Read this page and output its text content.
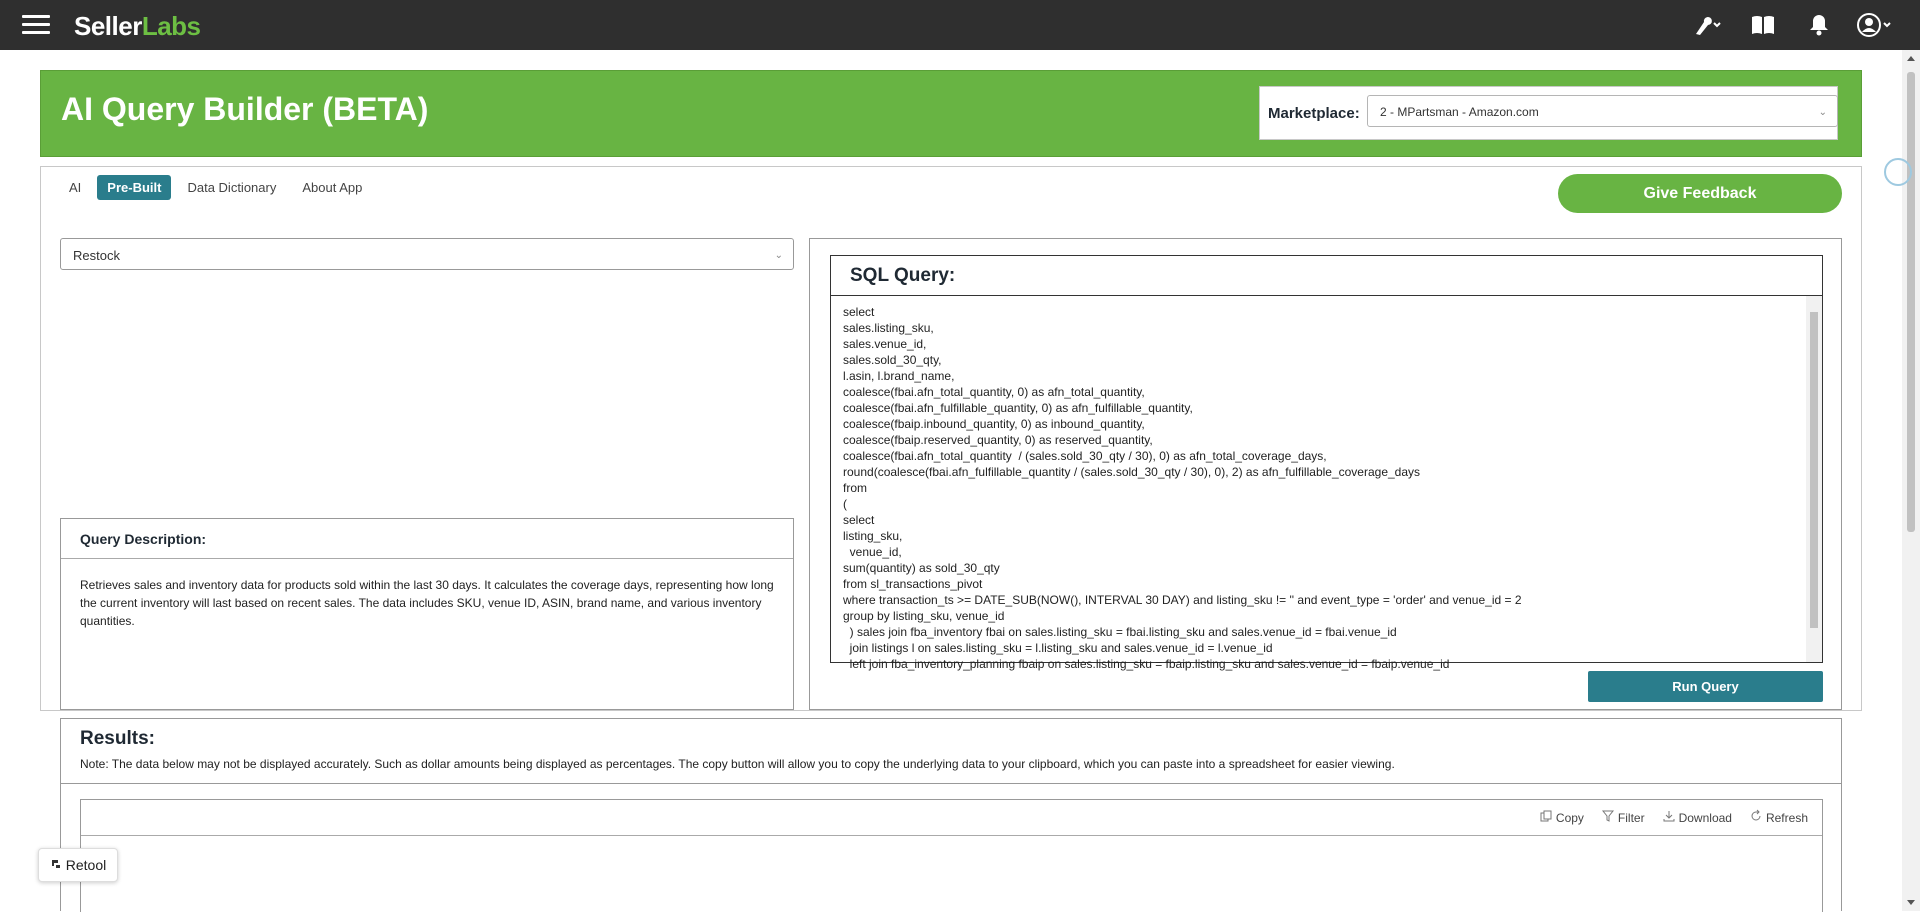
SellerLabs
AI Query Builder (BETA)	Marketplace:	2 - MPartsman - Amazon.com	⌄
AI	Pre-Built	Data Dictionary	About App	Give Feedback
Restock	⌄
Query Description:
Retrieves sales and inventory data for products sold within the last 30 days. It calculates the coverage days, representing how long the current inventory will last based on recent sales. The data includes SKU, venue ID, ASIN, brand name, and various inventory quantities.
SQL Query:
select
sales.listing_sku,
sales.venue_id,
sales.sold_30_qty,
l.asin, l.brand_name,
coalesce(fbai.afn_total_quantity, 0) as afn_total_quantity,
coalesce(fbai.afn_fulfillable_quantity, 0) as afn_fulfillable_quantity,
coalesce(fbaip.inbound_quantity, 0) as inbound_quantity,
coalesce(fbaip.reserved_quantity, 0) as reserved_quantity,
coalesce(fbai.afn_total_quantity  / (sales.sold_30_qty / 30), 0) as afn_total_coverage_days,
round(coalesce(fbai.afn_fulfillable_quantity / (sales.sold_30_qty / 30), 0), 2) as afn_fulfillable_coverage_days
from
(
select
listing_sku,
venue_id,
sum(quantity) as sold_30_qty
from sl_transactions_pivot
where transaction_ts >= DATE_SUB(NOW(), INTERVAL 30 DAY) and listing_sku != '' and event_type = 'order' and venue_id = 2
group by listing_sku, venue_id
) sales join fba_inventory fbai on sales.listing_sku = fbai.listing_sku and sales.venue_id = fbai.venue_id
join listings l on sales.listing_sku = l.listing_sku and sales.venue_id = l.venue_id
left join fba_inventory_planning fbaip on sales.listing_sku = fbaip.listing_sku and sales.venue_id = fbaip.venue_id
Run Query
Results:
Note: The data below may not be displayed accurately. Such as dollar amounts being displayed as percentages. The copy button will allow you to copy the underlying data to your clipboard, which you can paste into a spreadsheet for easier viewing.
Copy	Filter	Download	Refresh
Retool
